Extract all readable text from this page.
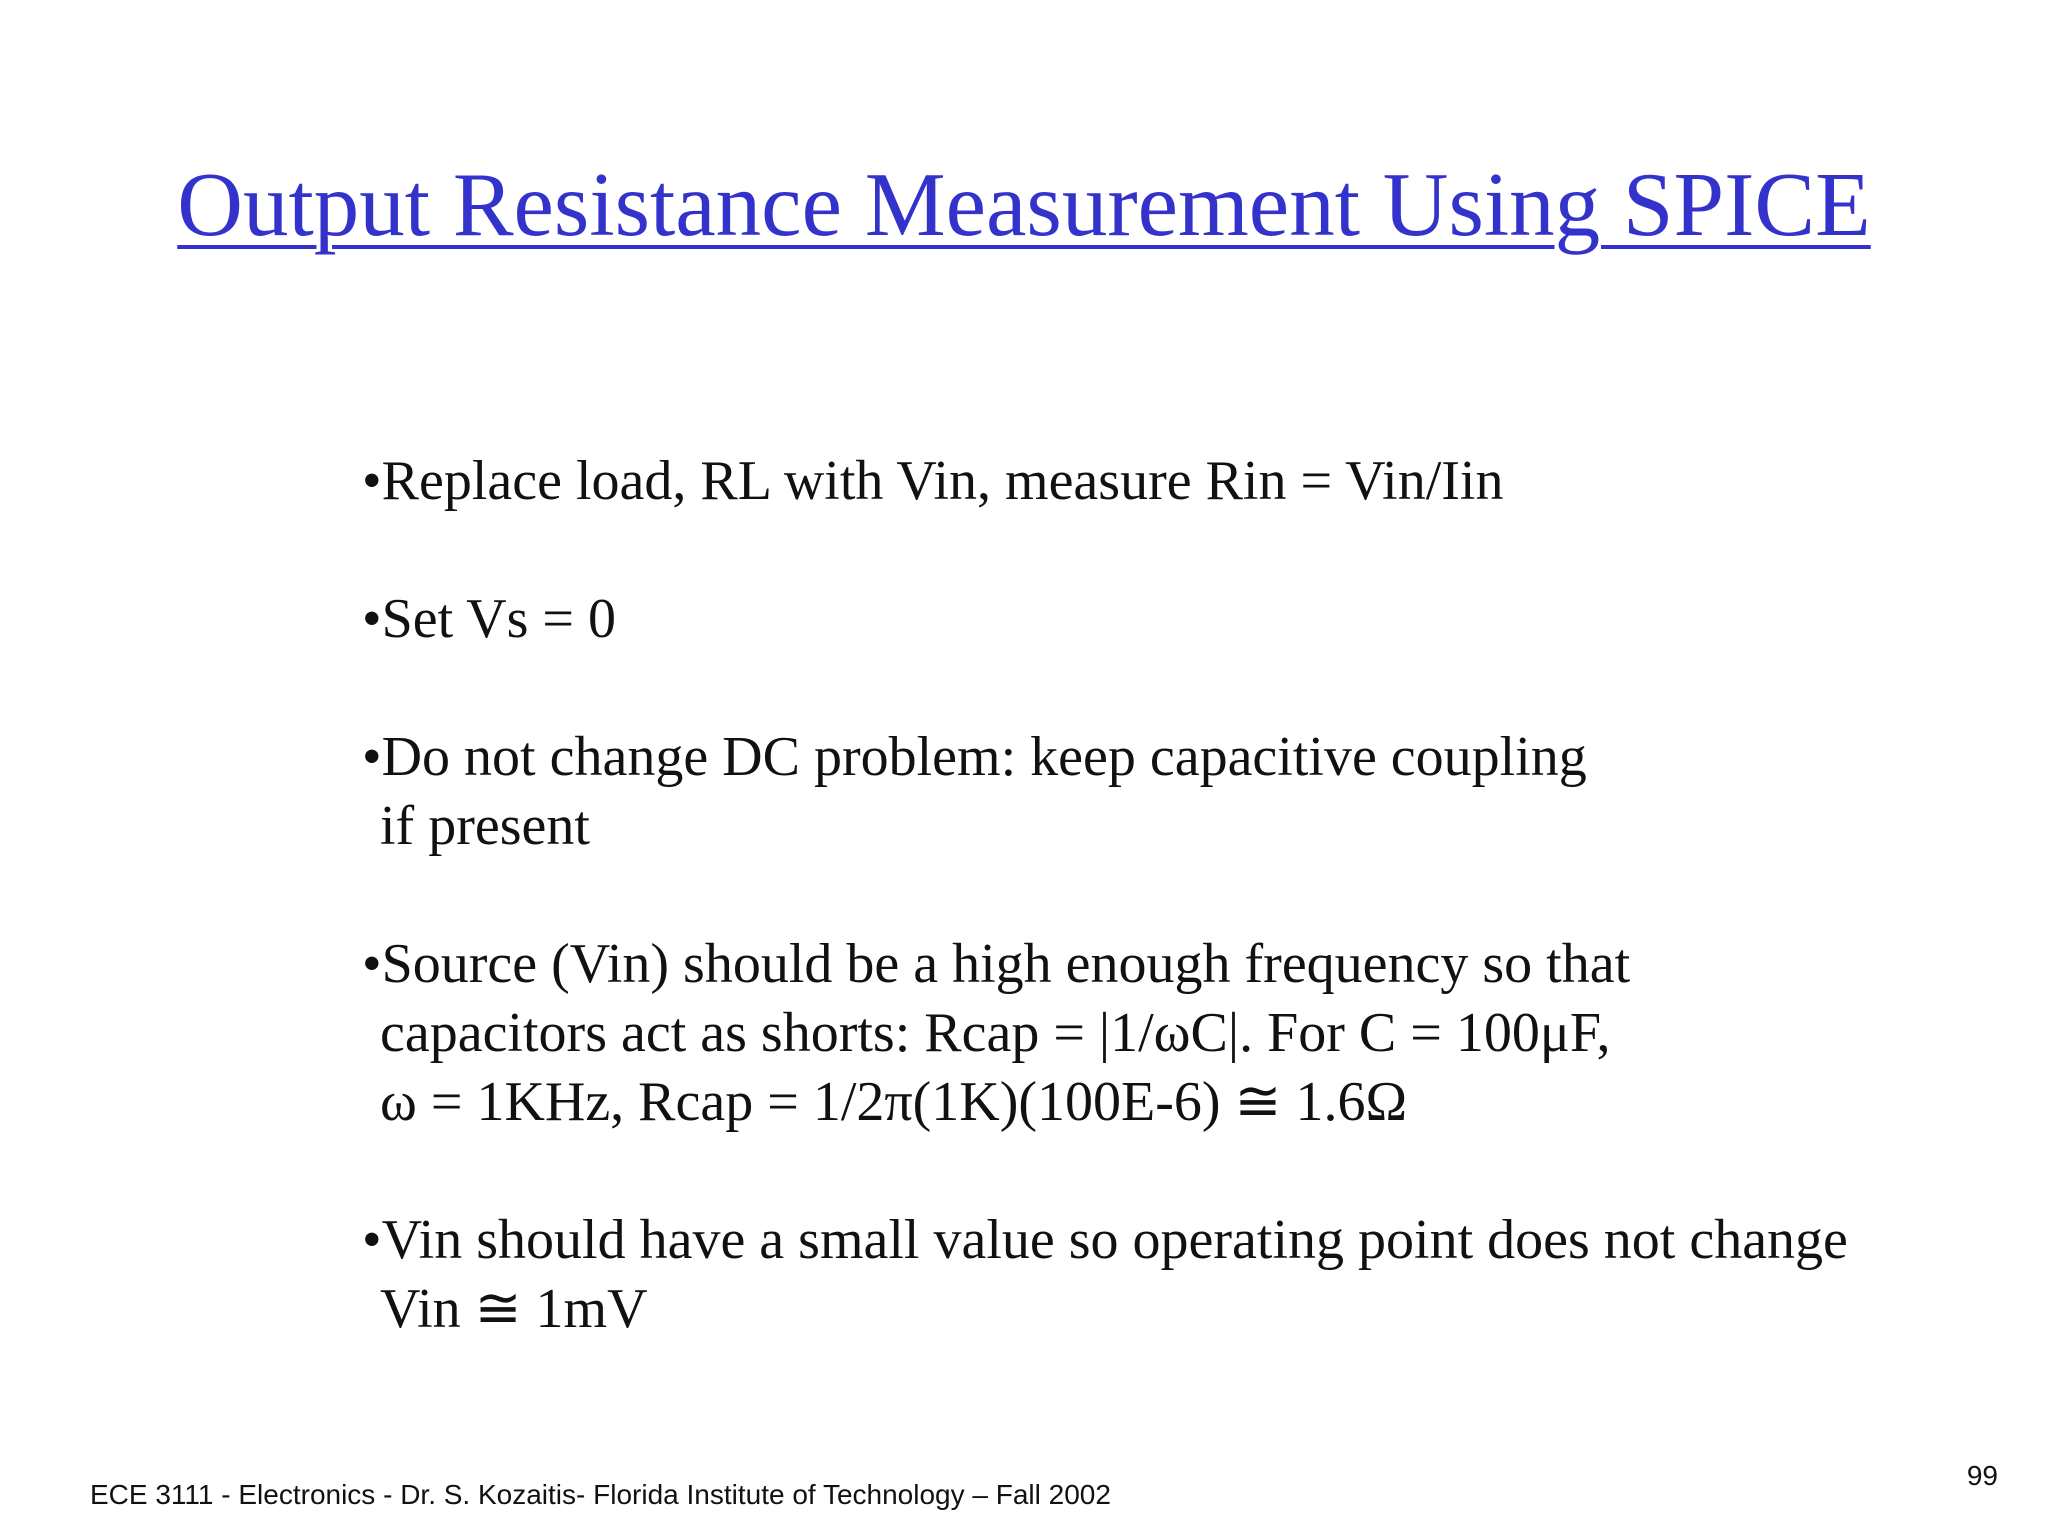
Output Resistance Measurement Using SPICE
•Replace load, RL with Vin, measure Rin = Vin/Iin
•Set Vs = 0
•Do not change DC problem: keep capacitive coupling
if present
•Source (Vin) should be a high enough frequency so that
capacitors act as shorts: Rcap = |1/ωC|. For C = 100μF,
ω = 1KHz, Rcap = 1/2π(1K)(100E-6) ≅ 1.6Ω
•Vin should have a small value so operating point does not change
Vin ≅ 1mV
ECE 3111 - Electronics - Dr. S. Kozaitis- Florida Institute of Technology – Fall 2002
99
